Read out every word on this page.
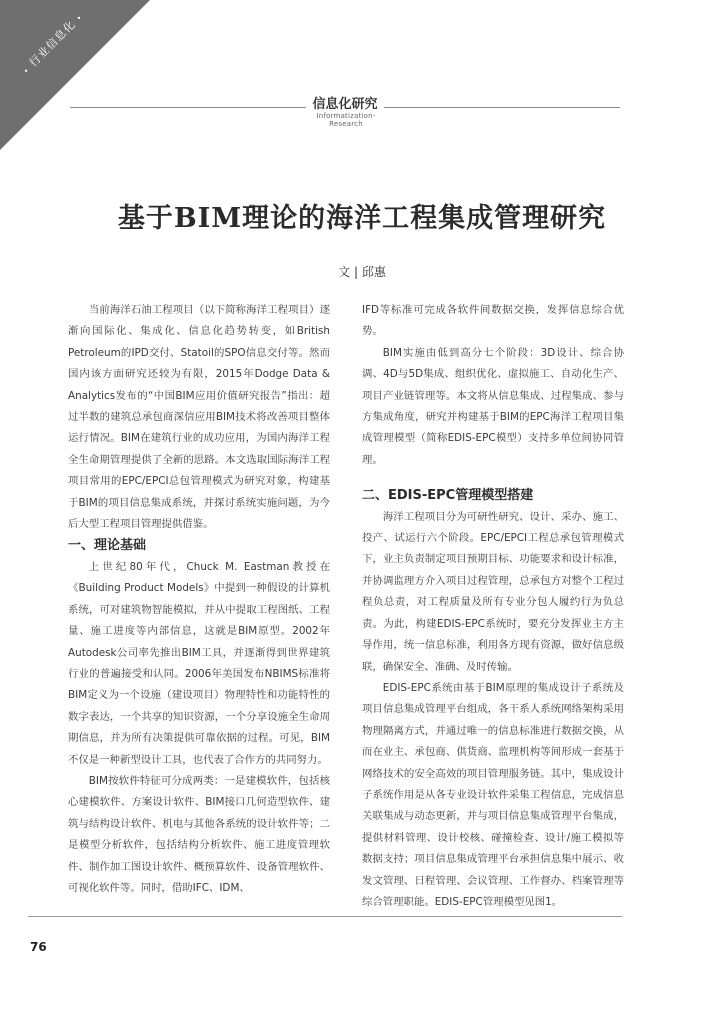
• 行业信息化 •
信息化研究
Informatization-Research
基于BIM理论的海洋工程集成管理研究
文 | 邱惠

当前海洋石油工程项目（以下简称海洋工程项目）逐渐向国际化、集成化、信息化趋势转变，如British Petroleum的IPD交付、Statoil的SPO信息交付等。然而国内该方面研究还较为有限，2015年Dodge Data & Analytics发布的“中国BIM应用价值研究报告”指出：超过半数的建筑总承包商深信应用BIM技术将改善项目整体运行情况。BIM在建筑行业的成功应用，为国内海洋工程全生命期管理提供了全新的思路。本文选取国际海洋工程项目常用的EPC/EPCI总包管理模式为研究对象，构建基于BIM的项目信息集成系统，并探讨系统实施问题，为今后大型工程项目管理提供借鉴。

一、理论基础

上世纪80年代，Chuck M. Eastman教授在《Building Product Models》中提到一种假设的计算机系统，可对建筑物智能模拟，并从中提取工程图纸、工程量、施工进度等内部信息，这就是BIM原型。2002年Autodesk公司率先推出BIM工具，并逐渐得到世界建筑行业的普遍接受和认同。2006年美国发布NBIMS标准将BIM定义为一个设施（建设项目）物理特性和功能特性的数字表达，一个共享的知识资源，一个分享设施全生命周期信息，并为所有决策提供可靠依据的过程。可见，BIM不仅是一种新型设计工具，也代表了合作方的共同努力。

BIM按软件特征可分成两类：一是建模软件，包括核心建模软件、方案设计软件、BIM接口几何造型软件、建筑与结构设计软件、机电与其他各系统的设计软件等；二是模型分析软件，包括结构分析软件、施工进度管理软件、制作加工图设计软件、概预算软件、设备管理软件、可视化软件等。同时，借助IFC、IDM、

IFD等标准可完成各软件间数据交换，发挥信息综合优势。

BIM实施由低到高分七个阶段：3D设计、综合协调、4D与5D集成、组织优化、虚拟施工、自动化生产、项目产业链管理等。本文将从信息集成、过程集成、参与方集成角度，研究并构建基于BIM的EPC海洋工程项目集成管理模型（简称EDIS-EPC模型）支持多单位间协同管理。

二、EDIS-EPC管理模型搭建

海洋工程项目分为可研性研究、设计、采办、施工、投产、试运行六个阶段。EPC/EPCI工程总承包管理模式下，业主负责制定项目预期目标、功能要求和设计标准，并协调监理方介入项目过程管理，总承包方对整个工程过程负总责，对工程质量及所有专业分包人履约行为负总责。为此，构建EDIS-EPC系统时，要充分发挥业主方主导作用，统一信息标准，利用各方现有资源，做好信息级联，确保安全、准确、及时传输。

EDIS-EPC系统由基于BIM原理的集成设计子系统及项目信息集成管理平台组成，各干系人系统网络架构采用物理隔离方式，并通过唯一的信息标准进行数据交换，从而在业主、承包商、供货商、监理机构等间形成一套基于网络技术的安全高效的项目管理服务链。其中，集成设计子系统作用是从各专业设计软件采集工程信息，完成信息关联集成与动态更新，并与项目信息集成管理平台集成，提供材料管理、设计校核、碰撞检查、设计/施工模拟等数据支持；项目信息集成管理平台承担信息集中展示、收发文管理、日程管理、会议管理、工作督办、档案管理等综合管理职能。EDIS-EPC管理模型见图1。

76
